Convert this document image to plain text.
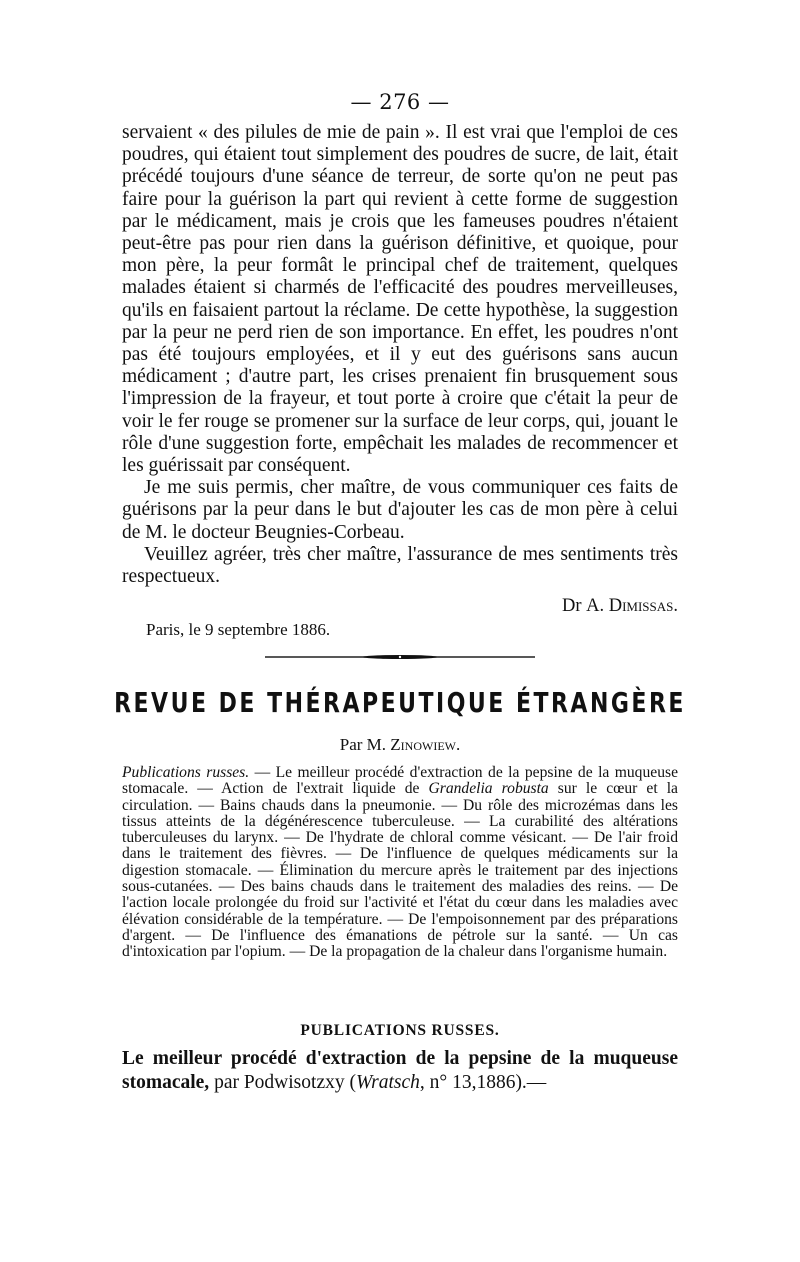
— 276 —

servaient « des pilules de mie de pain ». Il est vrai que l'emploi de ces poudres, qui étaient tout simplement des poudres de sucre, de lait, était précédé toujours d'une séance de terreur, de sorte qu'on ne peut pas faire pour la guérison la part qui revient à cette forme de suggestion par le médicament, mais je crois que les fameuses poudres n'étaient peut-être pas pour rien dans la guérison définitive, et quoique, pour mon père, la peur formât le principal chef de traitement, quelques malades étaient si charmés de l'efficacité des poudres merveilleuses, qu'ils en faisaient partout la réclame. De cette hypothèse, la suggestion par la peur ne perd rien de son importance. En effet, les poudres n'ont pas été toujours employées, et il y eut des guérisons sans aucun médicament ; d'autre part, les crises prenaient fin brusquement sous l'impression de la frayeur, et tout porte à croire que c'était la peur de voir le fer rouge se promener sur la surface de leur corps, qui, jouant le rôle d'une suggestion forte, empêchait les malades de recommencer et les guérissait par conséquent.

Je me suis permis, cher maître, de vous communiquer ces faits de guérisons par la peur dans le but d'ajouter les cas de mon père à celui de M. le docteur Beugnies-Corbeau.

Veuillez agréer, très cher maître, l'assurance de mes sentiments très respectueux.

Dr A. Dimissas.
Paris, le 9 septembre 1886.
REVUE DE THÉRAPEUTIQUE ÉTRANGÈRE
Par M. Zinowiew.
Publications russes. — Le meilleur procédé d'extraction de la pepsine de la muqueuse stomacale. — Action de l'extrait liquide de Grandelia robusta sur le cœur et la circulation. — Bains chauds dans la pneumonie. — Du rôle des microzémas dans les tissus atteints de la dégénérescence tuberculeuse. — La curabilité des altérations tuberculeuses du larynx. — De l'hydrate de chloral comme vésicant. — De l'air froid dans le traitement des fièvres. — De l'influence de quelques médicaments sur la digestion stomacale. — Élimination du mercure après le traitement par des injections sous-cutanées. — Des bains chauds dans le traitement des maladies des reins. — De l'action locale prolongée du froid sur l'activité et l'état du cœur dans les maladies avec élévation considérable de la température. — De l'empoisonnement par des préparations d'argent. — De l'influence des émanations de pétrole sur la santé. — Un cas d'intoxication par l'opium. — De la propagation de la chaleur dans l'organisme humain.
PUBLICATIONS RUSSES.
Le meilleur procédé d'extraction de la pepsine de la muqueuse stomacale, par Podwisotzxy (Wratsch, n° 13,1886).—
